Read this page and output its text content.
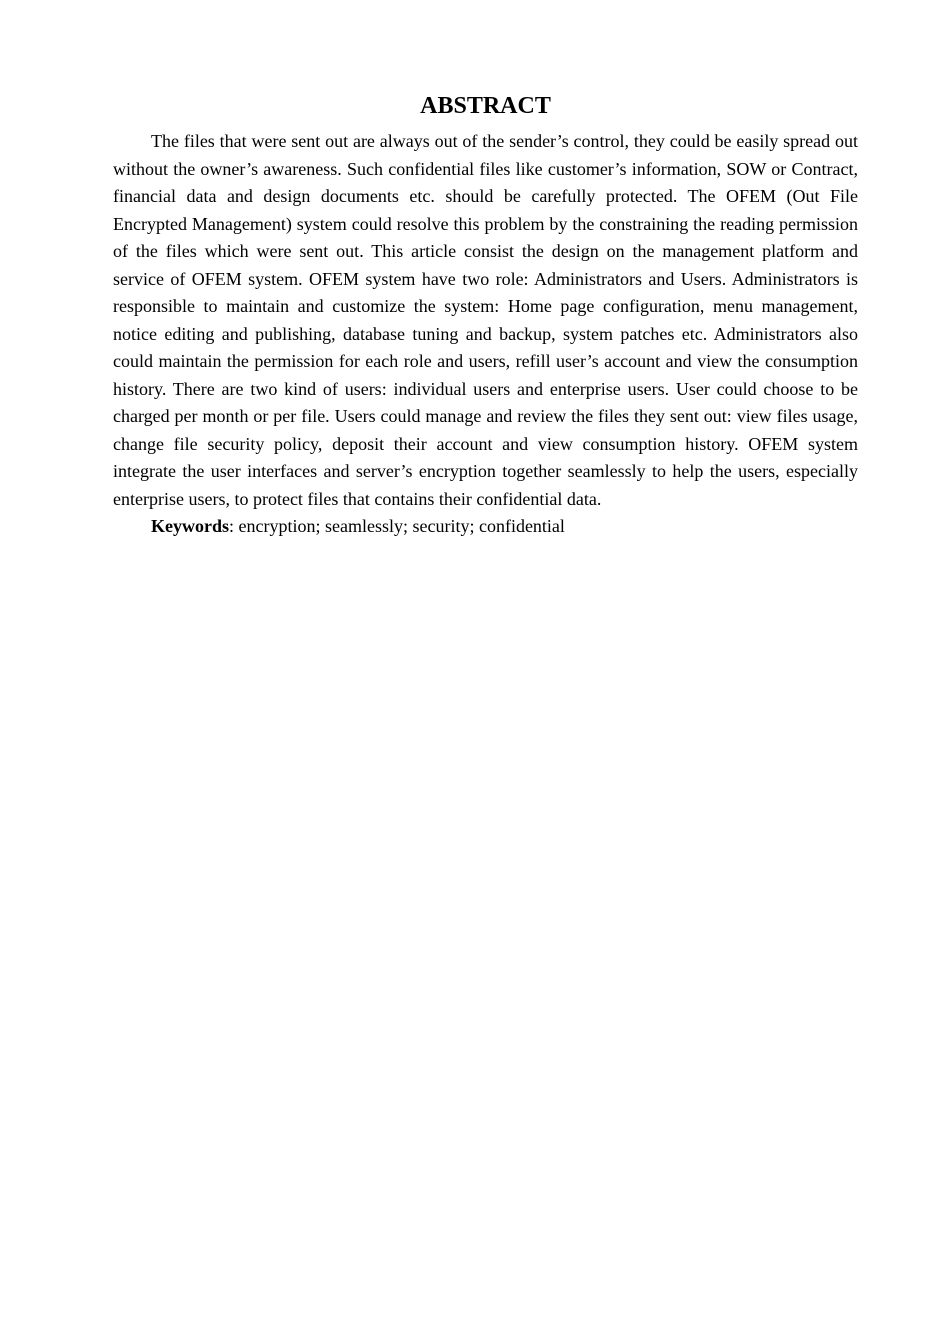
ABSTRACT

The files that were sent out are always out of the sender’s control, they could be easily spread out without the owner’s awareness. Such confidential files like customer’s information, SOW or Contract, financial data and design documents etc. should be carefully protected. The OFEM (Out File Encrypted Management) system could resolve this problem by the constraining the reading permission of the files which were sent out. This article consist the design on the management platform and service of OFEM system. OFEM system have two role: Administrators and Users. Administrators is responsible to maintain and customize the system: Home page configuration, menu management, notice editing and publishing, database tuning and backup, system patches etc. Administrators also could maintain the permission for each role and users, refill user’s account and view the consumption history. There are two kind of users: individual users and enterprise users. User could choose to be charged per month or per file. Users could manage and review the files they sent out: view files usage, change file security policy, deposit their account and view consumption history. OFEM system integrate the user interfaces and server’s encryption together seamlessly to help the users, especially enterprise users, to protect files that contains their confidential data.

Keywords: encryption; seamlessly; security; confidential
